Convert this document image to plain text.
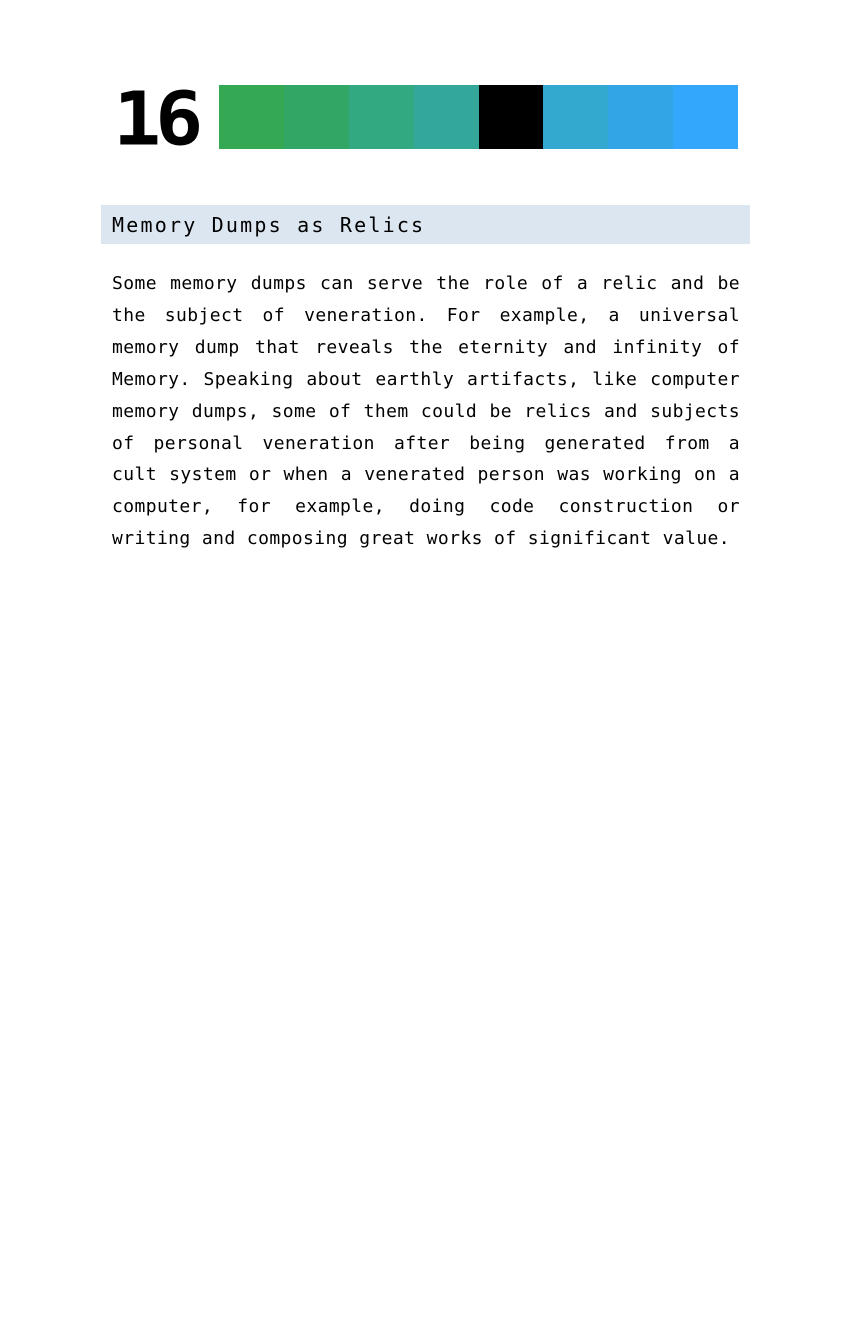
16
Memory Dumps as Relics

Some memory dumps can serve the role of a relic and be the subject of veneration. For example, a universal memory dump that reveals the eternity and infinity of Memory. Speaking about earthly artifacts, like computer memory dumps, some of them could be relics and subjects of personal veneration after being generated from a cult system or when a venerated person was working on a computer, for example, doing code construction or writing and composing great works of significant value.
